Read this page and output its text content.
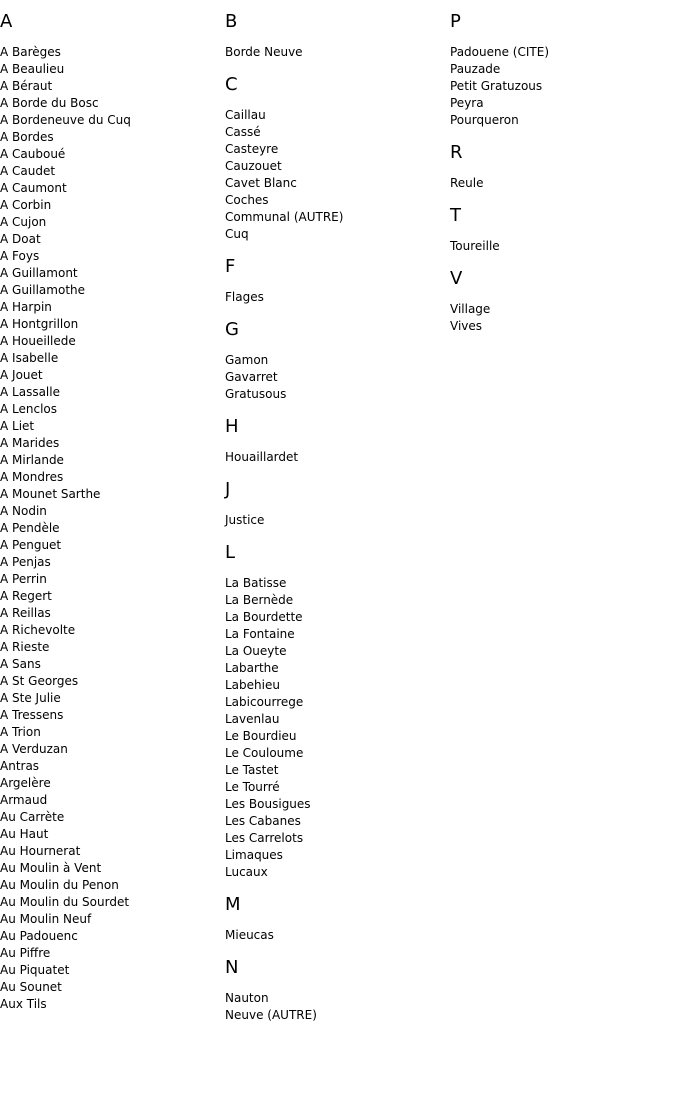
A
A Barèges
A Beaulieu
A Béraut
A Borde du Bosc
A Bordeneuve du Cuq
A Bordes
A Cauboué
A Caudet
A Caumont
A Corbin
A Cujon
A Doat
A Foys
A Guillamont
A Guillamothe
A Harpin
A Hontgrillon
A Houeillede
A Isabelle
A Jouet
A Lassalle
A Lenclos
A Liet
A Marides
A Mirlande
A Mondres
A Mounet Sarthe
A Nodin
A Pendèle
A Penguet
A Penjas
A Perrin
A Regert
A Reillas
A Richevolte
A Rieste
A Sans
A St Georges
A Ste Julie
A Tressens
A Trion
A Verduzan
Antras
Argelère
Armaud
Au Carrète
Au Haut
Au Hournerat
Au Moulin à Vent
Au Moulin du Penon
Au Moulin du Sourdet
Au Moulin Neuf
Au Padouenc
Au Piffre
Au Piquatet
Au Sounet
Aux Tils
B
Borde Neuve
C
Caillau
Cassé
Casteyre
Cauzouet
Cavet Blanc
Coches
Communal (AUTRE)
Cuq
F
Flages
G
Gamon
Gavarret
Gratusous
H
Houaillardet
J
Justice
L
La Batisse
La Bernède
La Bourdette
La Fontaine
La Oueyte
Labarthe
Labehieu
Labicourrege
Lavenlau
Le Bourdieu
Le Couloume
Le Tastet
Le Tourré
Les Bousigues
Les Cabanes
Les Carrelots
Limaques
Lucaux
M
Mieucas
N
Nauton
Neuve (AUTRE)
P
Padouene (CITE)
Pauzade
Petit Gratuzous
Peyra
Pourqueron
R
Reule
T
Toureille
V
Village
Vives
